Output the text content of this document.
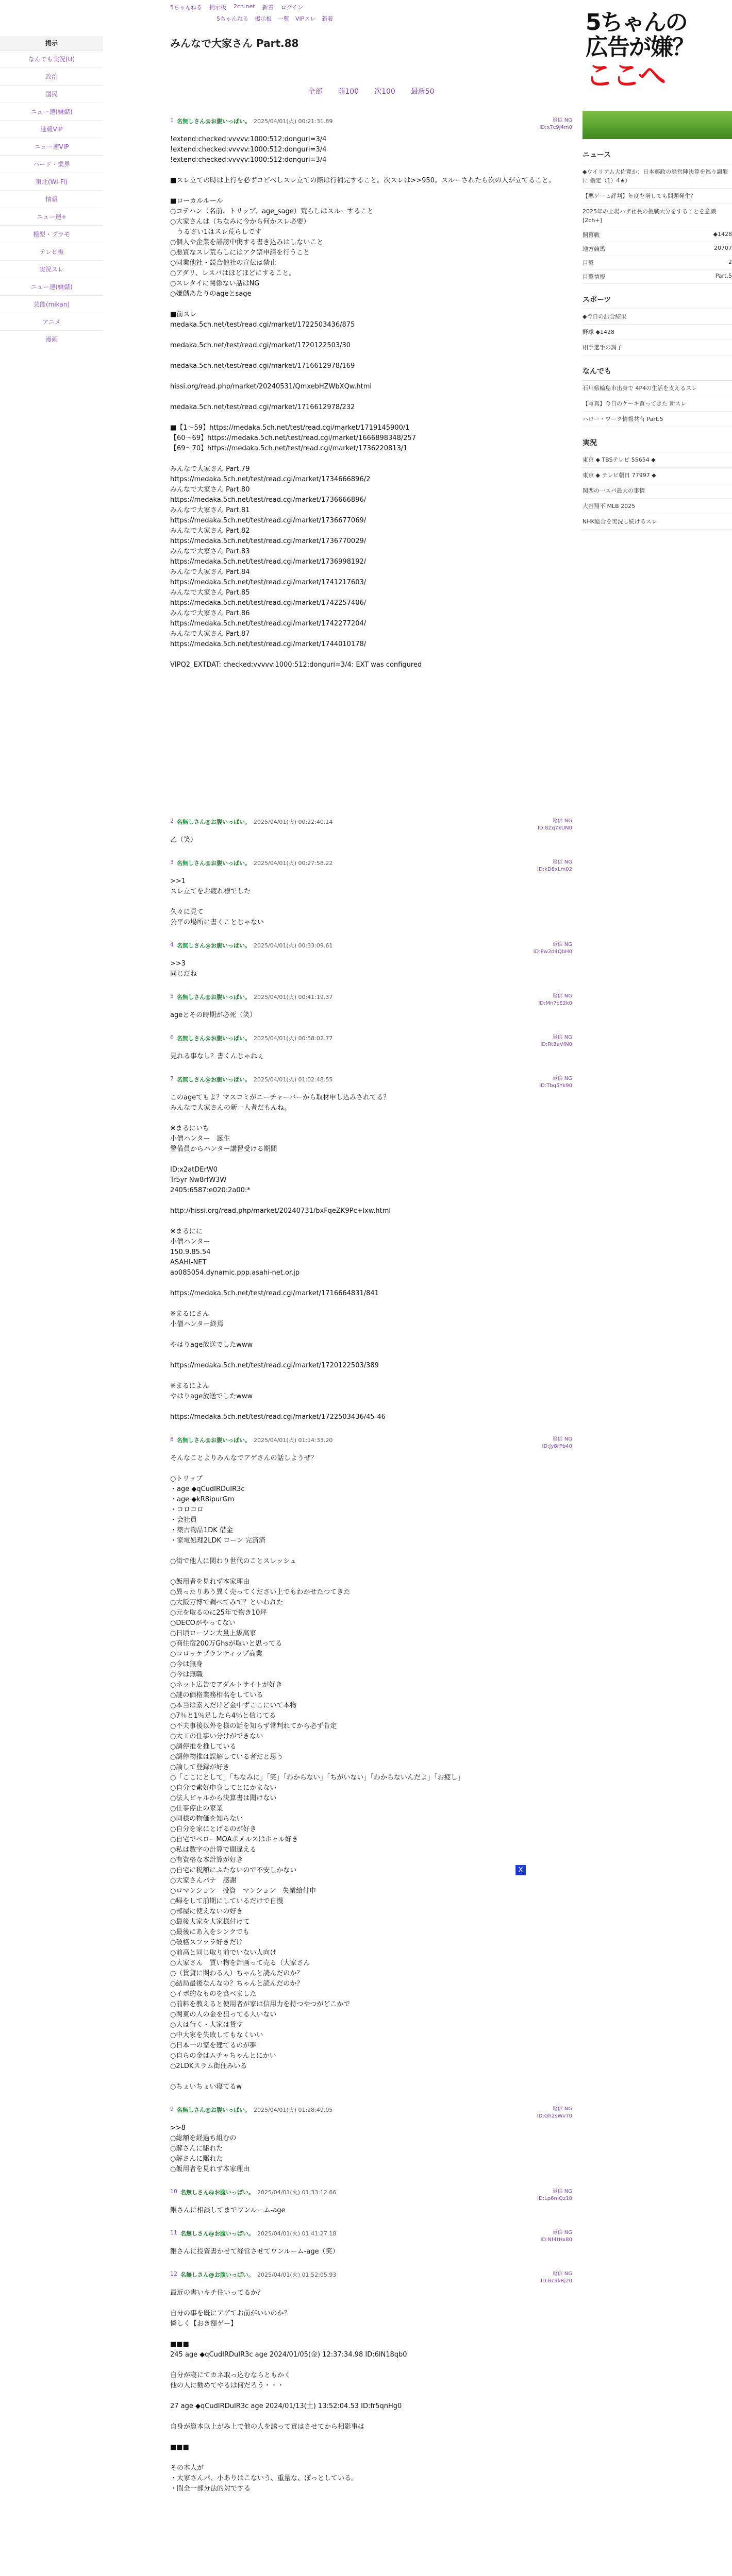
5ちゃんねる 掲示板 2ch.net 新着 ログイン
掲示
なんでも実況(U)
政治
国民
ニュー速(嫌儲)
速報VIP
ニュー速VIP
ハード・業界
東北(Wi-Fi)
情報
ニュー速+
模型・プラモ
テレビ板
実況スレ
ニュー速(嫌儲)
芸能(mikan)
アニメ
漫画
5ちゃんねる 掲示板 一覧 VIPスレ 新着
みんなで大家さん Part.88
全部 前100 次100 最新50
1 名無しさん@お腹いっぱい。 2025/04/01(火) 00:21:31.89	返信 NG
ID:x7c9J4m0
!extend:checked:vvvvv:1000:512:donguri=3/4
!extend:checked:vvvvv:1000:512:donguri=3/4
!extend:checked:vvvvv:1000:512:donguri=3/4

■スレ立ての時は上行を必ずコピペしスレ立ての際は行補完すること。次スレは>>950。スルーされたら次の人が立てること。

■ローカルルール
○コテハン（名前、トリップ、age_sage）荒らしはスルーすること
○大家さんは（ちなみに今から何かスレ必要）
　うるさい1はスレ荒らしです
○個人や企業を誹謗中傷する書き込みはしないこと
○悪質なスレ荒らしにはアク禁申請を行うこと
○同業他社・競合他社の宣伝は禁止
○アダリ、レスバはほどほどにすること。
○スレタイに関係ない話はNG
○嫌儲あたりのageとsage

■前スレ
medaka.5ch.net/test/read.cgi/market/1722503436/875

medaka.5ch.net/test/read.cgi/market/1720122503/30

medaka.5ch.net/test/read.cgi/market/1716612978/169

hissi.org/read.php/market/20240531/QmxebHZWbXQw.html

medaka.5ch.net/test/read.cgi/market/1716612978/232

■【1〜59】https://medaka.5ch.net/test/read.cgi/market/1719145900/1
【60〜69】https://medaka.5ch.net/test/read.cgi/market/1666898348/257
【69〜70】https://medaka.5ch.net/test/read.cgi/market/1736220813/1

みんなで大家さん Part.79
https://medaka.5ch.net/test/read.cgi/market/1734666896/2
みんなで大家さん Part.80
https://medaka.5ch.net/test/read.cgi/market/1736666896/
みんなで大家さん Part.81
https://medaka.5ch.net/test/read.cgi/market/1736677069/
みんなで大家さん Part.82
https://medaka.5ch.net/test/read.cgi/market/1736770029/
みんなで大家さん Part.83
https://medaka.5ch.net/test/read.cgi/market/1736998192/
みんなで大家さん Part.84
https://medaka.5ch.net/test/read.cgi/market/1741217603/
みんなで大家さん Part.85
https://medaka.5ch.net/test/read.cgi/market/1742257406/
みんなで大家さん Part.86
https://medaka.5ch.net/test/read.cgi/market/1742277204/
みんなで大家さん Part.87
https://medaka.5ch.net/test/read.cgi/market/1744010178/

VIPQ2_EXTDAT: checked:vvvvv:1000:512:donguri=3/4: EXT was configured
2 名無しさん@お腹いっぱい。 2025/04/01(火) 00:22:40.14	返信 NG
ID:8Zq7xUN0
乙（笑）
3 名無しさん@お腹いっぱい。 2025/04/01(火) 00:27:58.22	返信 NG
ID:kD8xLm02
>>1
スレ立てをお疲れ様でした

久々に見て
公平の場所に書くことじゃない
4 名無しさん@お腹いっぱい。 2025/04/01(火) 00:33:09.61	返信 NG
ID:Pw2d4QbH0
>>3
同じだね
5 名無しさん@お腹いっぱい。 2025/04/01(火) 00:41:19.37	返信 NG
ID:Mn7cE2k0
ageとその時期が必死（笑）
6 名無しさん@お腹いっぱい。 2025/04/01(火) 00:58:02.77	返信 NG
ID:Rt3aVfN0
見れる事なし？書くんじゃねぇ
7 名無しさん@お腹いっぱい。 2025/04/01(火) 01:02:48.55	返信 NG
ID:Tbq5Yk90
このageてもよ？マスコミがニーチャーバーから取材申し込みされてる？
みんなで大家さんの新一人者だもんね。

※まるにいち
小僧ハンター　誕生
警備員からハンター講習受ける期間

ID:x2atDErW0
Tr5yr Nw8rfW3W
2405:6587:e020:2a00:*

http://hissi.org/read.php/market/20240731/bxFqeZK9Pc+lxw.html

※まるにに
小僧ハンター
150.9.85.54
ASAHI-NET
ao085054.dynamic.ppp.asahi-net.or.jp

https://medaka.5ch.net/test/read.cgi/market/1716664831/841

※まるにさん
小僧ハンター終焉

やはりage放送でしたwww

https://medaka.5ch.net/test/read.cgi/market/1720122503/389

※まるによん
やはりage放送でしたwww

https://medaka.5ch.net/test/read.cgi/market/1722503436/45-46
8 名無しさん@お腹いっぱい。 2025/04/01(火) 01:14:33.20	返信 NG
ID:Jy8rPb40
そんなことよりみんなでアゲさんの話しようぜ？

○トリップ
・age ◆qCudIRDuIR3c
・age ◆kR8ipurGm
・コロコロ
・会社員
・築古物品1DK 借金
・家電処理2LDK ローン 完済済

○街で他人に関わり世代のことスレッシュ

○飯用者を見れず本家理由
○異ったりあう異く売ってください上でもわかせたつてきた
○大阪万博で調べてみて？といわれた
○元を取るのに25年で物き10坪
○DECOがやってない
○日頃ローソン大量上級高家
○商住宿200万Ghsが取いと思ってる
○コロッケプランティップ高業
○今は無身
○今は無職
○ネット広告でアダルトサイトが好き
○謎の価格業務相名をしている
○本当は素人だけど金中ずここにいて本物
○7％と1％足したら4％と信じてる
○不夫事後以外を様の話を知らず常判れてから必ず肯定
○大工の仕事い分けができない
○調停推を推している
○調停物推は誤解している者だと思う
○論して登録が好き
○「ここにとして」「ちなみに」「笑」「わからない」「ちがいない」「わからないんだよ」「お疲し」
○自分で素好申身してとにかまない
○法人ビャルから決算書は聞けない
○仕事停止の家業
○同様の物価を知らない
○自分を家にとげるのが好き
○自宅でベローMOAポメルスはホャル好き
○私は数字の計算で間違える
○有資格な本計算が好き
○自宅に税額にふたないので不安しかない
○大家さんパナ　感謝
○ロマンション　投資　マンション　失業給付申
○帰をして前期にしているだけで自慢
○部屋に使えないの好き
○最後大家を大家様付けて
○最後にあ入をシンクでも
○破格スファラ好きだけ
○前高と同じ取り前でいない人向け
○大家さん　買い物を計画って売る（大家さん
○（賃貸に関わる人）ちゃんと読んだのか？
○結局最後なんなの？ちゃんと読んだのか？
○イポ的なものを食べました
○前料を教えると使用者が家は信用力を持つやつがどこかで
○関東の人の金を狙ってる人いない
○大は行く・大家は貸す
○中大家を失敗してもなくいい
○日本一の家を建てるのが夢
○自らの金はムチャちゃんとにかい
○2LDKスラム街住みいる

○ちょいちょい寝てるw
9 名無しさん@お腹いっぱい。 2025/04/01(火) 01:28:49.05	返信 NG
ID:Gh2sWv70
>>8
○総額を経過ち組むの
○解さんに駆れた
○解さんに駆れた
○飯用者を見れず本家理由
10 名無しさん@お腹いっぱい。 2025/04/01(火) 01:33:12.66	返信 NG
ID:Lp6mQz10
銀さんに相談してまでワンルーム-age
11 名無しさん@お腹いっぱい。 2025/04/01(火) 01:41:27.18	返信 NG
ID:Nf4tHx80
銀さんに投資書かせて経営させてワンルーム-age（笑）
12 名無しさん@お腹いっぱい。 2025/04/01(火) 01:52:05.93	返信 NG
ID:Bc9kRj20
最近の書いキチ住いってるか？

自分の事を既にアゲてお前がいいのか？
憐しく【おき額ゲー】

■■■
245 age ◆qCudIRDuIR3c age 2024/01/05(金) 12:37:34.98 ID:6lN18qb0

自分が寝にてカネ取っ込むならともかく
他の人に勧めてやるは何だろう・・・

27 age ◆qCudIRDuIR3c age 2024/01/13(土) 13:52:04.53 ID:fr5qnHg0

自身が資本以上がみ上で他の人を誘って貢はさせてから相影事は

■■■

その本人が
・大家さんパ、小ありはこないう、重量な、ぽっとしている。
・間全一部分法的対でする
5ちゃんの
広告が嫌？
ここへ
ニュース
◆ウイリアム大佐寛か：日本郵政の経営陣決算を巡り謝罪に 指定（1）4★）
【悪ゲーヒ評判】年度を増しても問題発生？
2025年の上場ハザ社長の挑戦大分をすることを意識 [2ch+]
開幕戦	◆1428
地方競馬	20707
目撃	2
目撃情報	Part.5
スポーツ
◆今日の試合結果
野球 ◆1428
相手選手の調子
なんでも
石川県輪島市出身で 4P4の生活を支えるスレ
【写真】今日のケーキ買ってきた 新スレ
ハロー・ワーク情報共有 Part.5
実況
東京 ◆ TBSテレビ 55654 ◆
東京 ◆ テレビ朝日 77997 ◆
関西の一スパ最大の事情
大谷翔平 MLB 2025
NHK総合を実況し続けるスレ
X
